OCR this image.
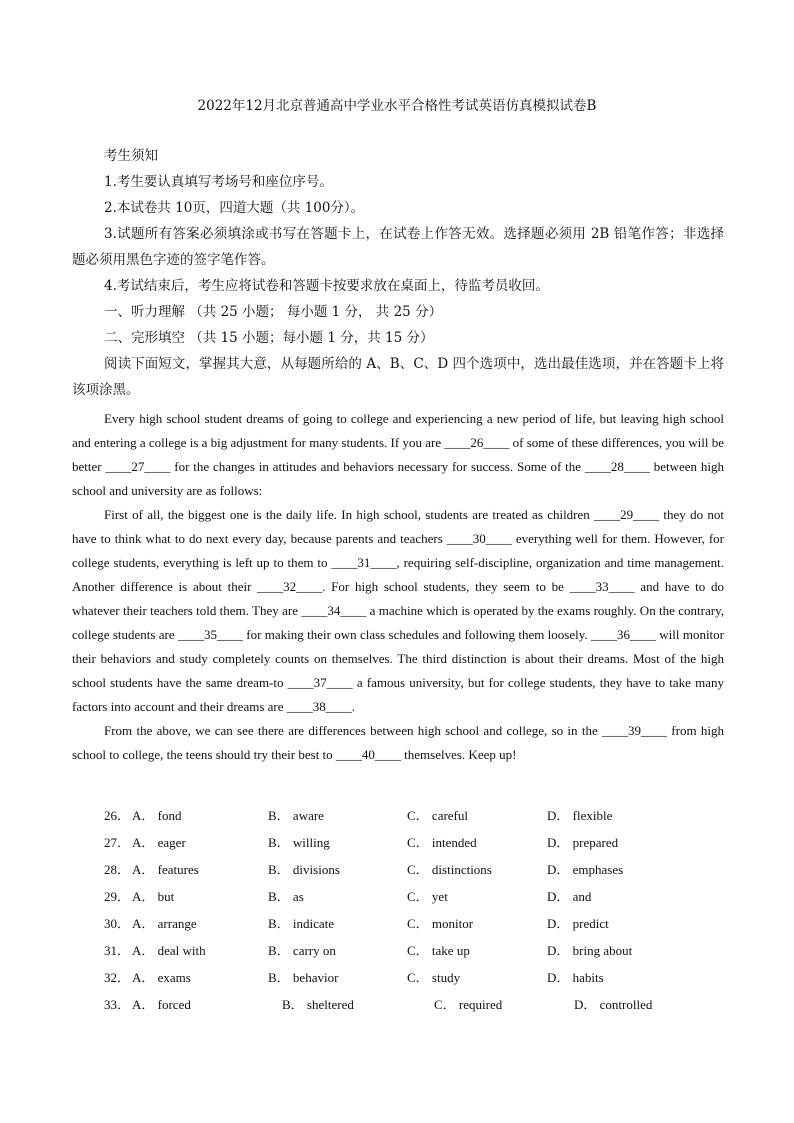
2022年12月北京普通高中学业水平合格性考试英语仿真模拟试卷B
考生须知
1.考生要认真填写考场号和座位序号。
2.本试卷共 10页，四道大题（共 100分）。

3.试题所有答案必须填涂或书写在答题卡上，在试卷上作答无效。选择题必须用 2B 铅笔作答；非选择题必须用黑色字迹的签字笔作答。

4.考试结束后，考生应将试卷和答题卡按要求放在桌面上，待监考员收回。
一、听力理解 （共 25 小题； 每小题 1 分， 共 25 分）
二、完形填空 （共 15 小题；每小题 1 分，共 15 分）

阅读下面短文，掌握其大意，从每题所给的 A、B、C、D 四个选项中，选出最佳选项，并在答题卡上将该项涂黑。

Every high school student dreams of going to college and experiencing a new period of life, but leaving high school and entering a college is a big adjustment for many students. If you are ____26____ of some of these differences, you will be better ____27____ for the changes in attitudes and behaviors necessary for success. Some of the ____28____ between high school and university are as follows:

First of all, the biggest one is the daily life. In high school, students are treated as children ____29____ they do not have to think what to do next every day, because parents and teachers ____30____ everything well for them. However, for college students, everything is left up to them to ____31____, requiring self-discipline, organization and time management. Another difference is about their ____32____. For high school students, they seem to be ____33____ and have to do whatever their teachers told them. They are ____34____ a machine which is operated by the exams roughly. On the contrary, college students are ____35____ for making their own class schedules and following them loosely. ____36____ will monitor their behaviors and study completely counts on themselves. The third distinction is about their dreams. Most of the high school students have the same dream-to ____37____ a famous university, but for college students, they have to take many factors into account and their dreams are ____38____.

From the above, we can see there are differences between high school and college, so in the ____39____ from high school to college, the teens should try their best to ____40____ themselves. Keep up!

26． A． fond	B． aware	C． careful	D． flexible
27． A． eager	B． willing	C． intended	D． prepared
28． A． features	B． divisions	C． distinctions	D． emphases
29． A． but	B． as	C． yet	D． and
30． A． arrange	B． indicate	C． monitor	D． predict
31． A． deal with	B． carry on	C． take up	D． bring about
32． A． exams	B． behavior	C． study	D． habits
33． A． forced	B． sheltered	C． required	D． controlled
